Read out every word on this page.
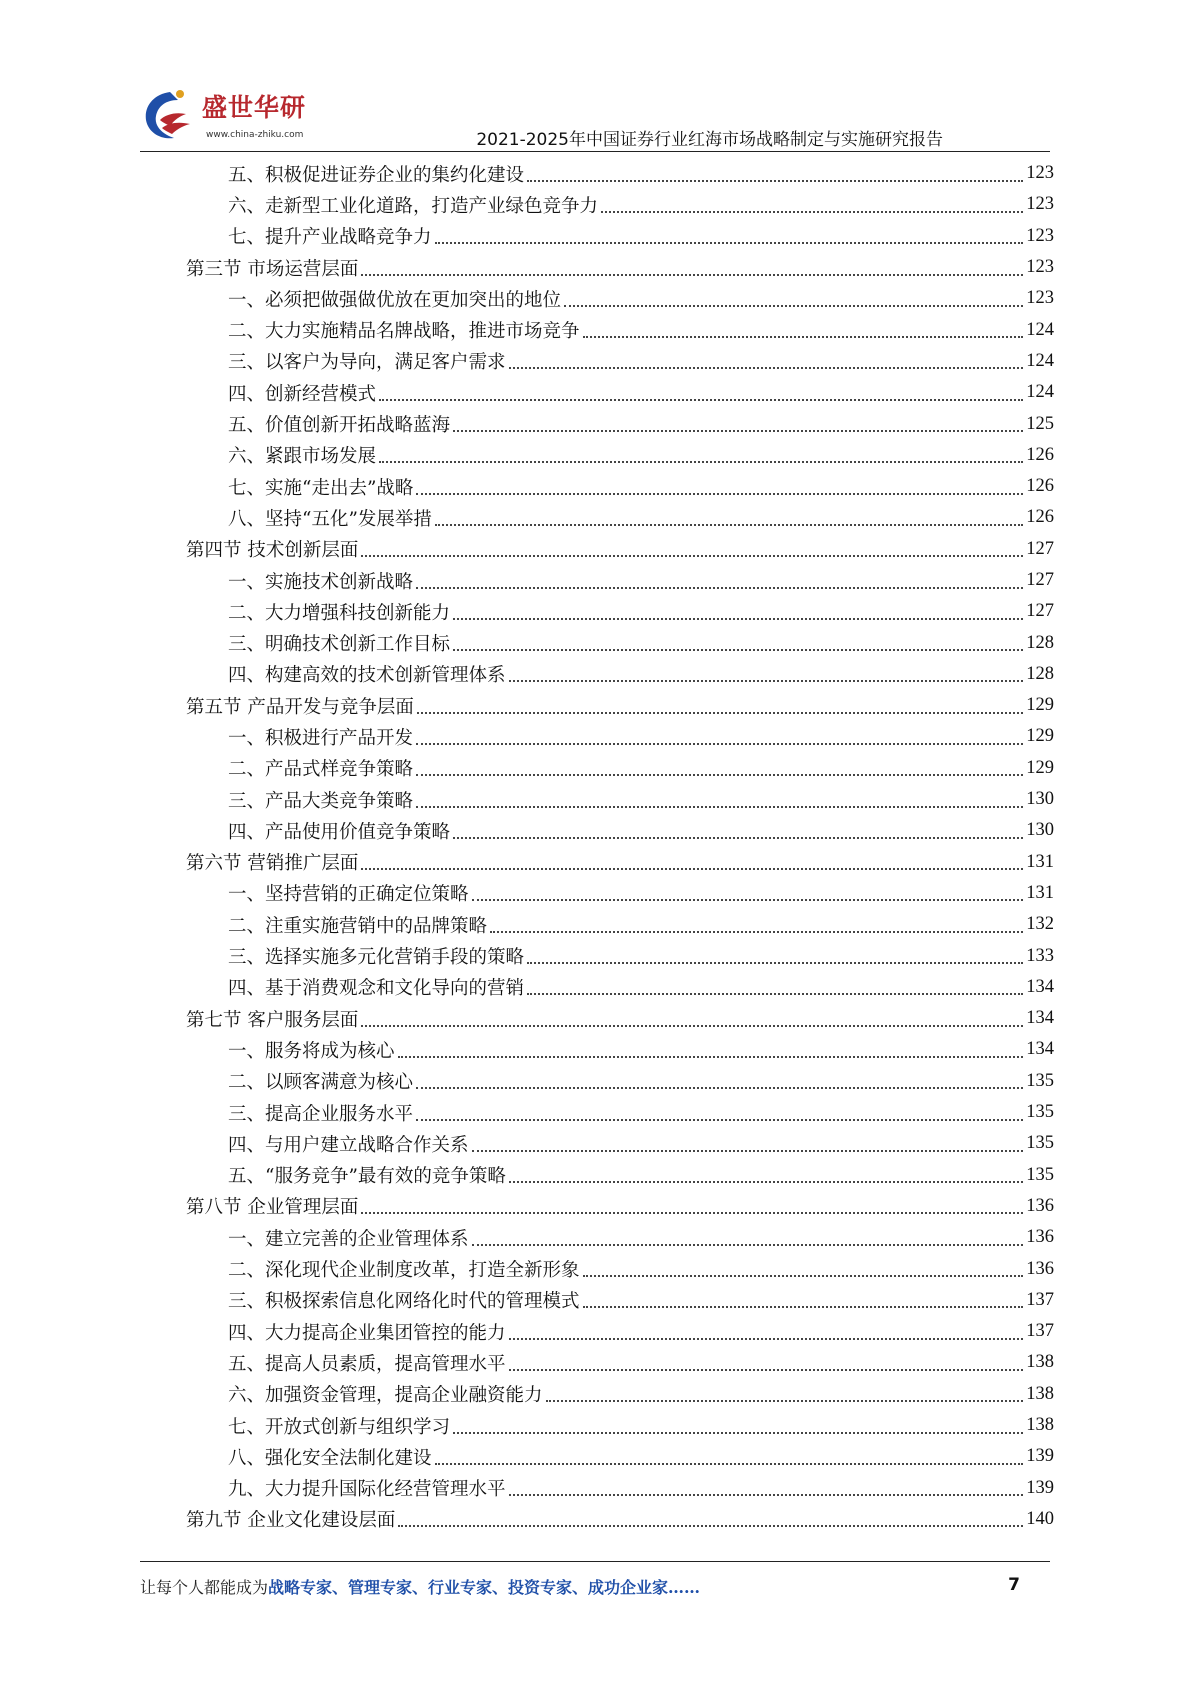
盛世华研
www.china-zhiku.com	2021-2025年中国证券行业红海市场战略制定与实施研究报告
五、积极促进证券企业的集约化建设	123
六、走新型工业化道路，打造产业绿色竞争力	123
七、提升产业战略竞争力	123
第三节 市场运营层面	123
一、必须把做强做优放在更加突出的地位	123
二、大力实施精品名牌战略，推进市场竞争	124
三、以客户为导向，满足客户需求	124
四、创新经营模式	124
五、价值创新开拓战略蓝海	125
六、紧跟市场发展	126
七、实施“走出去”战略	126
八、坚持“五化”发展举措	126
第四节 技术创新层面	127
一、实施技术创新战略	127
二、大力增强科技创新能力	127
三、明确技术创新工作目标	128
四、构建高效的技术创新管理体系	128
第五节 产品开发与竞争层面	129
一、积极进行产品开发	129
二、产品式样竞争策略	129
三、产品大类竞争策略	130
四、产品使用价值竞争策略	130
第六节 营销推广层面	131
一、坚持营销的正确定位策略	131
二、注重实施营销中的品牌策略	132
三、选择实施多元化营销手段的策略	133
四、基于消费观念和文化导向的营销	134
第七节 客户服务层面	134
一、服务将成为核心	134
二、以顾客满意为核心	135
三、提高企业服务水平	135
四、与用户建立战略合作关系	135
五、“服务竞争”最有效的竞争策略	135
第八节 企业管理层面	136
一、建立完善的企业管理体系	136
二、深化现代企业制度改革，打造全新形象	136
三、积极探索信息化网络化时代的管理模式	137
四、大力提高企业集团管控的能力	137
五、提高人员素质，提高管理水平	138
六、加强资金管理，提高企业融资能力	138
七、开放式创新与组织学习	138
八、强化安全法制化建设	139
九、大力提升国际化经营管理水平	139
第九节 企业文化建设层面	140
让每个人都能成为战略专家、管理专家、行业专家、投资专家、成功企业家……	7
